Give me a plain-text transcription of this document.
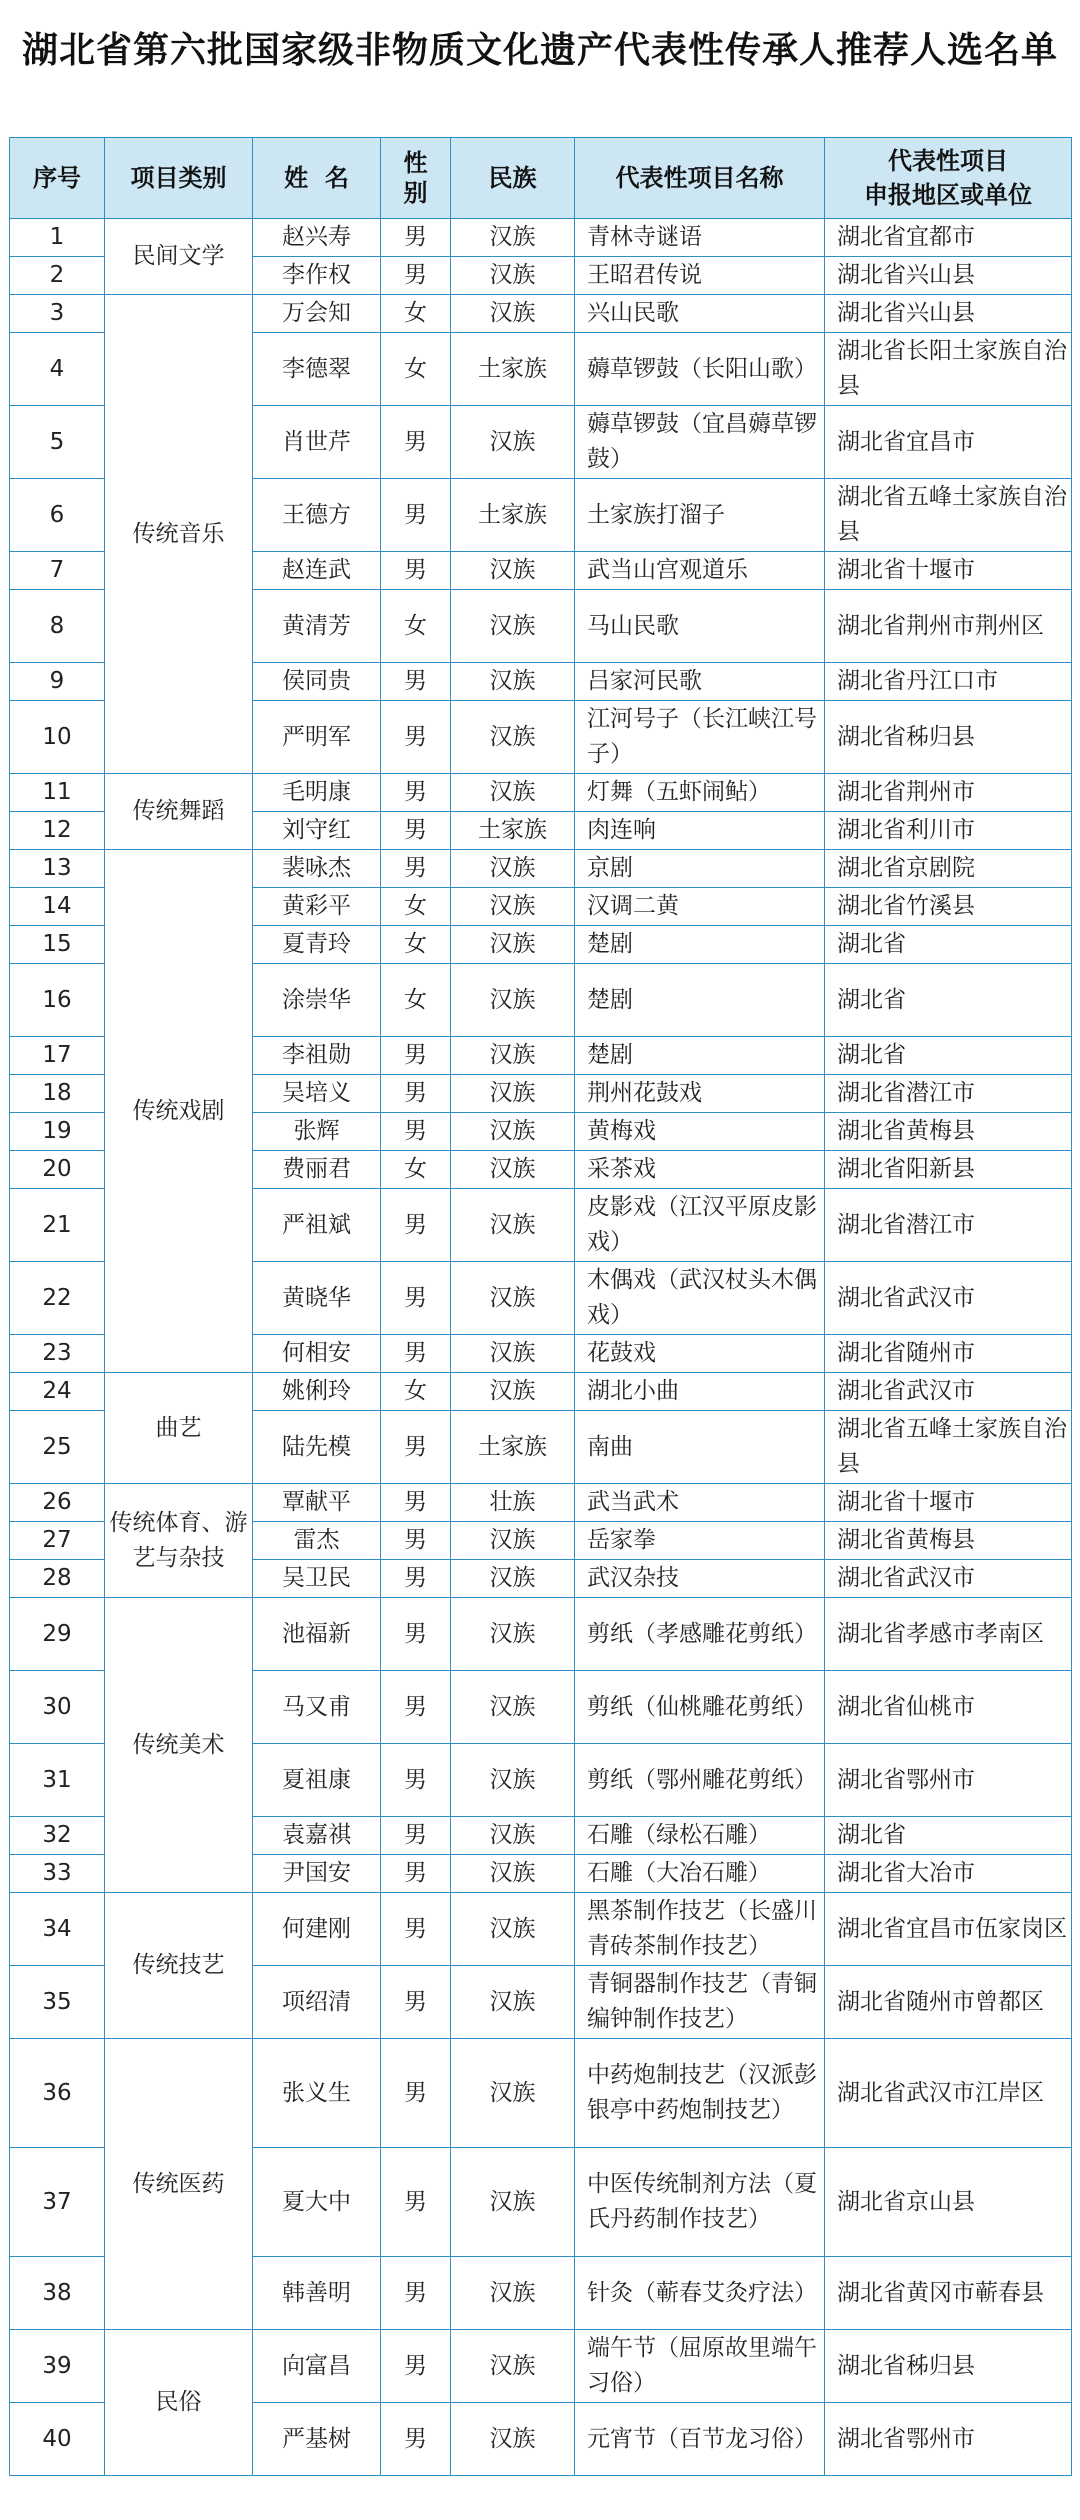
湖北省第六批国家级非物质文化遗产代表性传承人推荐人选名单
序号	项目类别	姓  名	性别	民族	代表性项目名称	代表性项目
申报地区或单位

1	民间文学	赵兴寿	男	汉族	青林寺谜语	湖北省宜都市
2		李作权	男	汉族	王昭君传说	湖北省兴山县
3	传统音乐	万会知	女	汉族	兴山民歌	湖北省兴山县
4		李德翠	女	土家族	薅草锣鼓（长阳山歌）	湖北省长阳土家族自治县
5		肖世芹	男	汉族	薅草锣鼓（宜昌薅草锣鼓）	湖北省宜昌市
6		王德方	男	土家族	土家族打溜子	湖北省五峰土家族自治县
7		赵连武	男	汉族	武当山宫观道乐	湖北省十堰市
8		黄清芳	女	汉族	马山民歌	湖北省荆州市荆州区
9		侯同贵	男	汉族	吕家河民歌	湖北省丹江口市
10		严明军	男	汉族	江河号子（长江峡江号子）	湖北省秭归县
11	传统舞蹈	毛明康	男	汉族	灯舞（五虾闹鲇）	湖北省荆州市
12		刘守红	男	土家族	肉连响	湖北省利川市
13	传统戏剧	裴咏杰	男	汉族	京剧	湖北省京剧院
14		黄彩平	女	汉族	汉调二黄	湖北省竹溪县
15		夏青玲	女	汉族	楚剧	湖北省
16		涂崇华	女	汉族	楚剧	湖北省
17		李祖勋	男	汉族	楚剧	湖北省
18		吴培义	男	汉族	荆州花鼓戏	湖北省潜江市
19		张辉	男	汉族	黄梅戏	湖北省黄梅县
20		费丽君	女	汉族	采茶戏	湖北省阳新县
21		严祖斌	男	汉族	皮影戏（江汉平原皮影戏）	湖北省潜江市
22		黄晓华	男	汉族	木偶戏（武汉杖头木偶戏）	湖北省武汉市
23		何相安	男	汉族	花鼓戏	湖北省随州市
24	曲艺	姚俐玲	女	汉族	湖北小曲	湖北省武汉市
25		陆先模	男	土家族	南曲	湖北省五峰土家族自治县
26	传统体育、游艺与杂技	覃献平	男	壮族	武当武术	湖北省十堰市
27		雷杰	男	汉族	岳家拳	湖北省黄梅县
28		吴卫民	男	汉族	武汉杂技	湖北省武汉市
29	传统美术	池福新	男	汉族	剪纸（孝感雕花剪纸）	湖北省孝感市孝南区
30		马又甫	男	汉族	剪纸（仙桃雕花剪纸）	湖北省仙桃市
31		夏祖康	男	汉族	剪纸（鄂州雕花剪纸）	湖北省鄂州市
32		袁嘉祺	男	汉族	石雕（绿松石雕）	湖北省
33		尹国安	男	汉族	石雕（大冶石雕）	湖北省大冶市
34	传统技艺	何建刚	男	汉族	黑茶制作技艺（长盛川青砖茶制作技艺）	湖北省宜昌市伍家岗区
35		项绍清	男	汉族	青铜器制作技艺（青铜编钟制作技艺）	湖北省随州市曾都区
36	传统医药	张义生	男	汉族	中药炮制技艺（汉派彭银亭中药炮制技艺）	湖北省武汉市江岸区
37		夏大中	男	汉族	中医传统制剂方法（夏氏丹药制作技艺）	湖北省京山县
38		韩善明	男	汉族	针灸（蕲春艾灸疗法）	湖北省黄冈市蕲春县
39	民俗	向富昌	男	汉族	端午节（屈原故里端午习俗）	湖北省秭归县
40		严基树	男	汉族	元宵节（百节龙习俗）	湖北省鄂州市
